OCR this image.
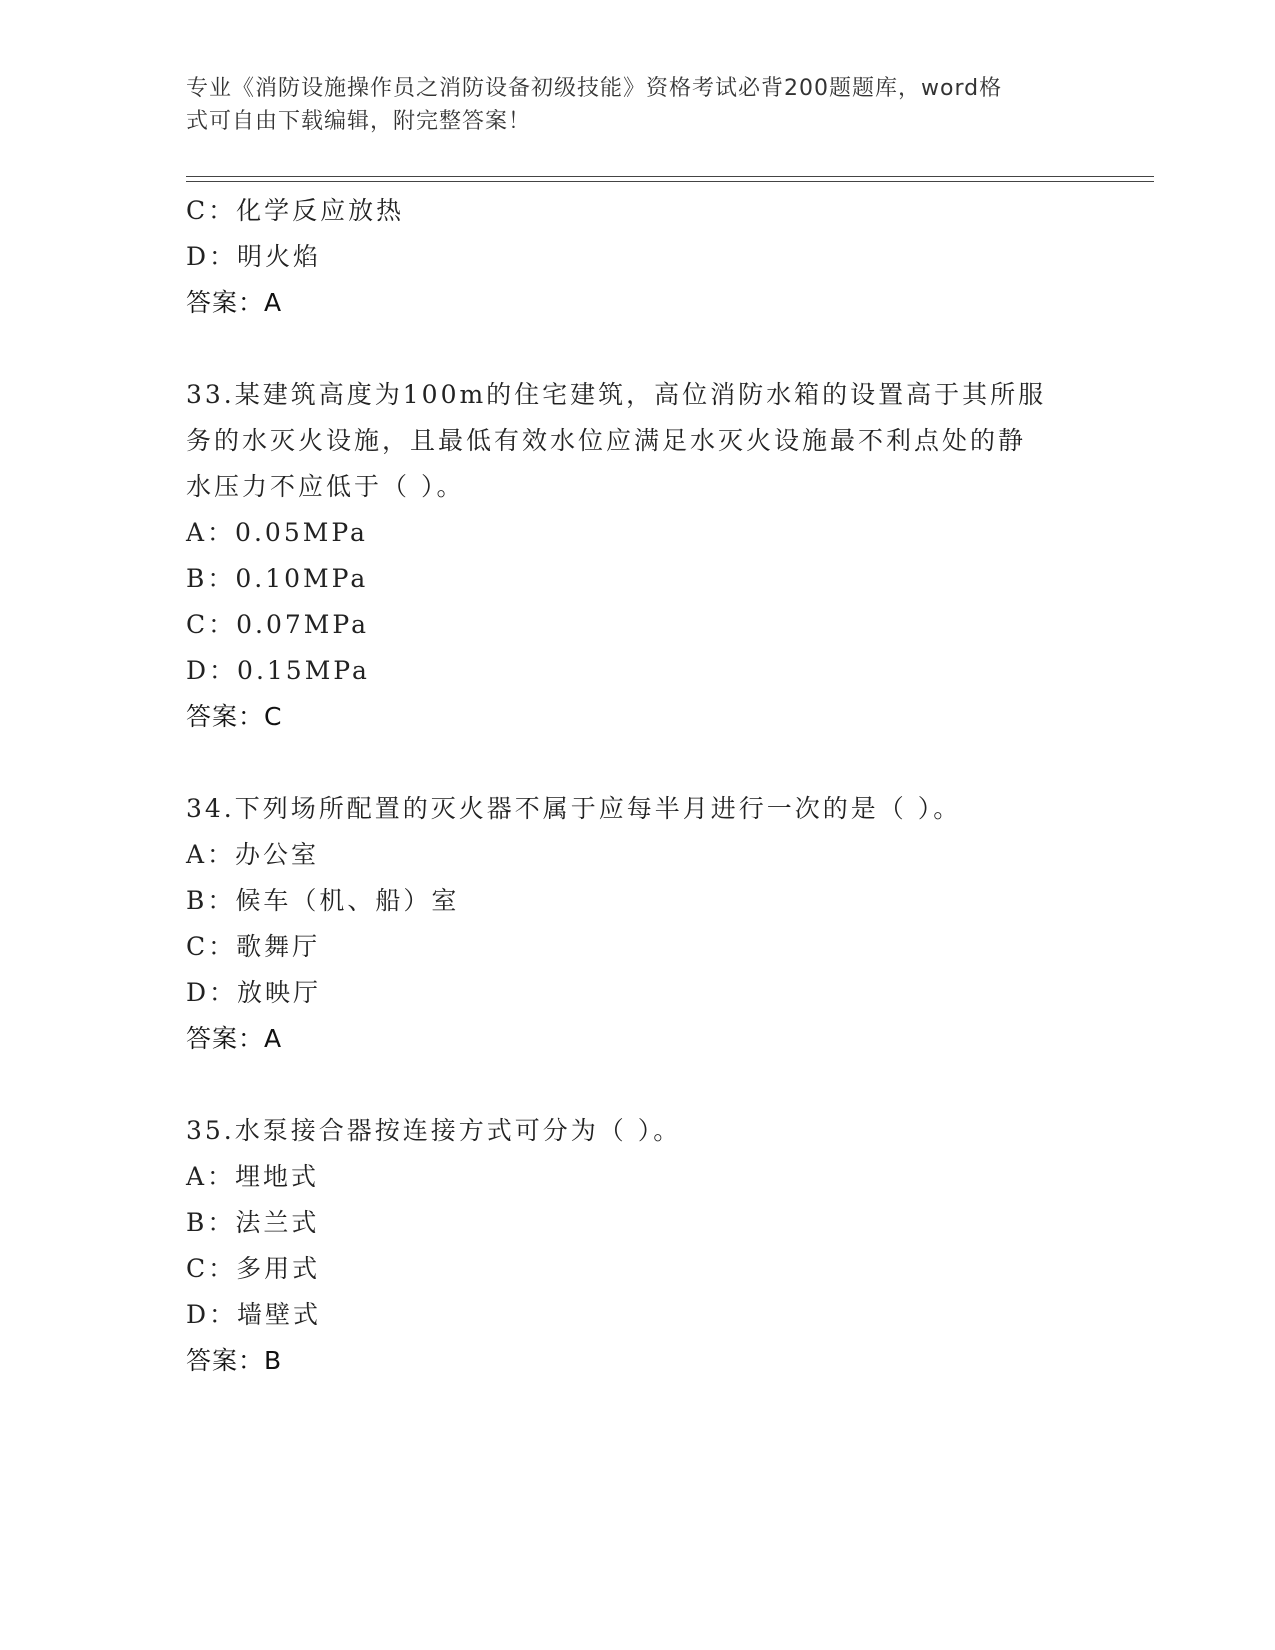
专业《消防设施操作员之消防设备初级技能》资格考试必背200题题库，word格
式可自由下载编辑，附完整答案！
C：化学反应放热
D：明火焰
答案：A
33.某建筑高度为100m的住宅建筑，高位消防水箱的设置高于其所服
务的水灭火设施，且最低有效水位应满足水灭火设施最不利点处的静
水压力不应低于（ ）。
A：0.05MPa
B：0.10MPa
C：0.07MPa
D：0.15MPa
答案：C
34.下列场所配置的灭火器不属于应每半月进行一次的是（ ）。
A：办公室
B：候车（机、船）室
C：歌舞厅
D：放映厅
答案：A
35.水泵接合器按连接方式可分为（ ）。
A：埋地式
B：法兰式
C：多用式
D：墙壁式
答案：B
